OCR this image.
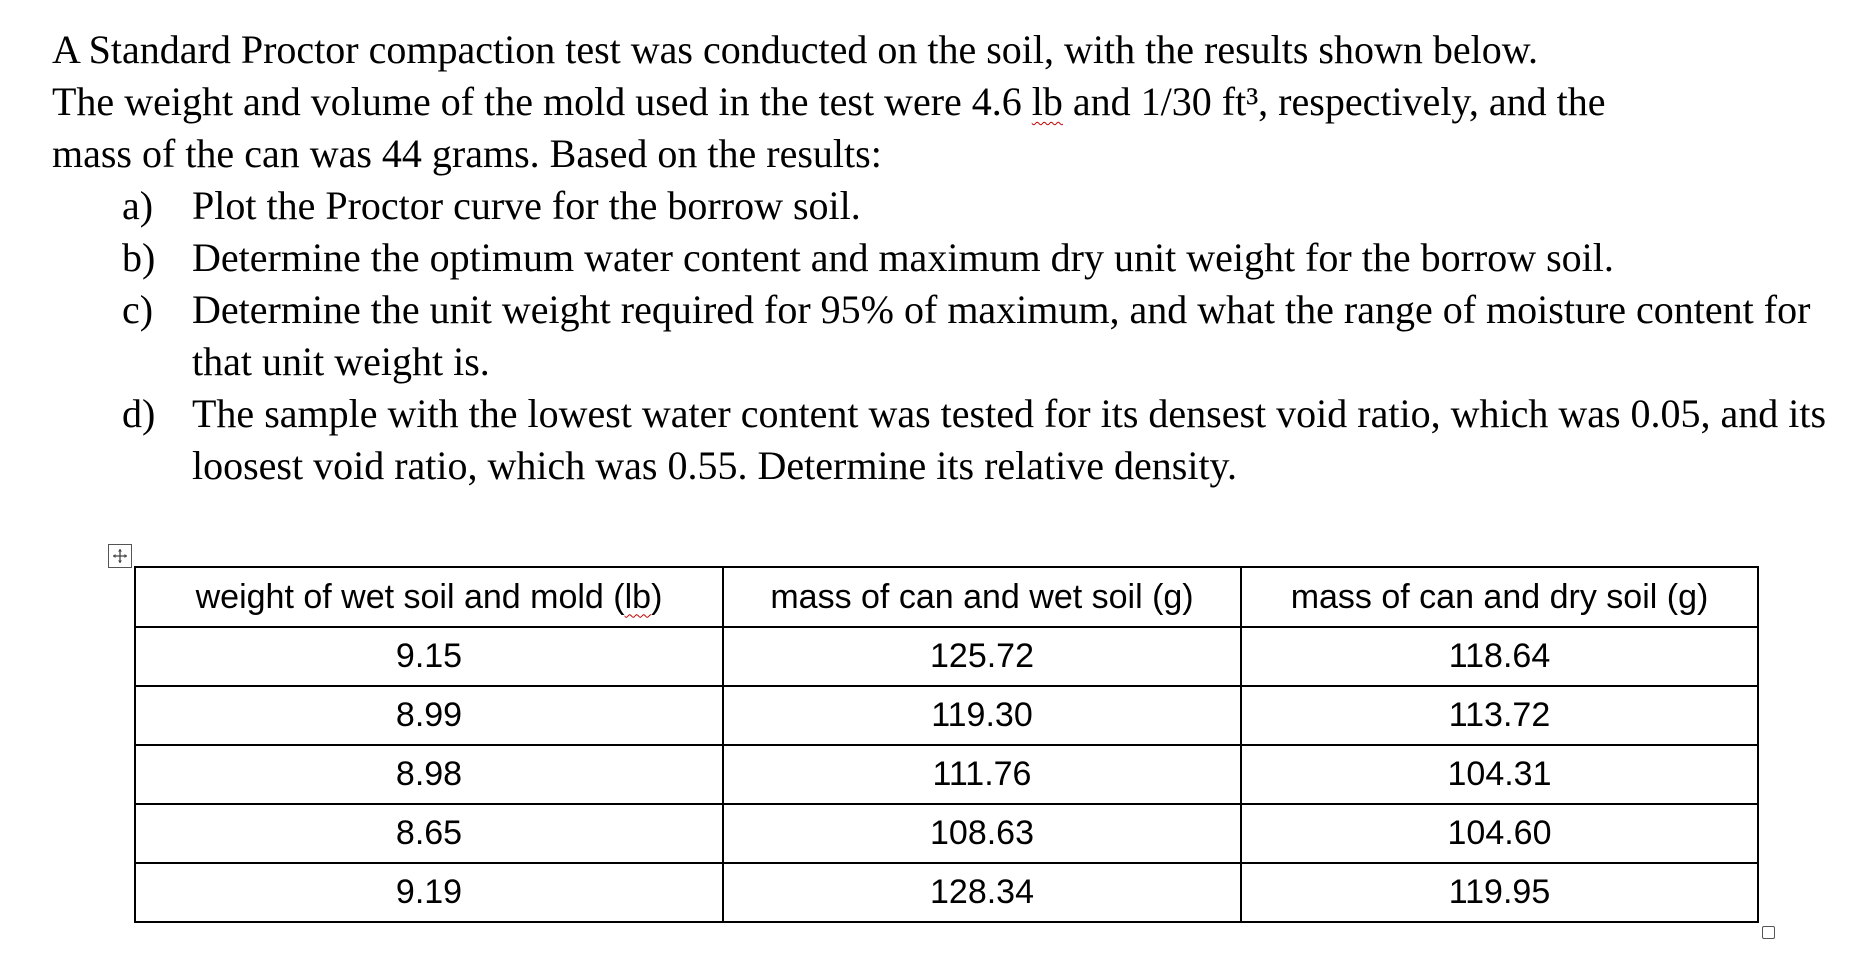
A Standard Proctor compaction test was conducted on the soil, with the results shown below.
The weight and volume of the mold used in the test were 4.6 lb and 1/30 ft³, respectively, and the
mass of the can was 44 grams. Based on the results:

a) Plot the Proctor curve for the borrow soil.
b) Determine the optimum water content and maximum dry unit weight for the borrow soil.
c) Determine the unit weight required for 95% of maximum, and what the range of moisture content for that unit weight is.
d) The sample with the lowest water content was tested for its densest void ratio, which was 0.05, and its loosest void ratio, which was 0.55. Determine its relative density.
weight of wet soil and mold (lb)	mass of can and wet soil (g)	mass of can and dry soil (g)
9.15	125.72	118.64
8.99	119.30	113.72
8.98	111.76	104.31
8.65	108.63	104.60
9.19	128.34	119.95
